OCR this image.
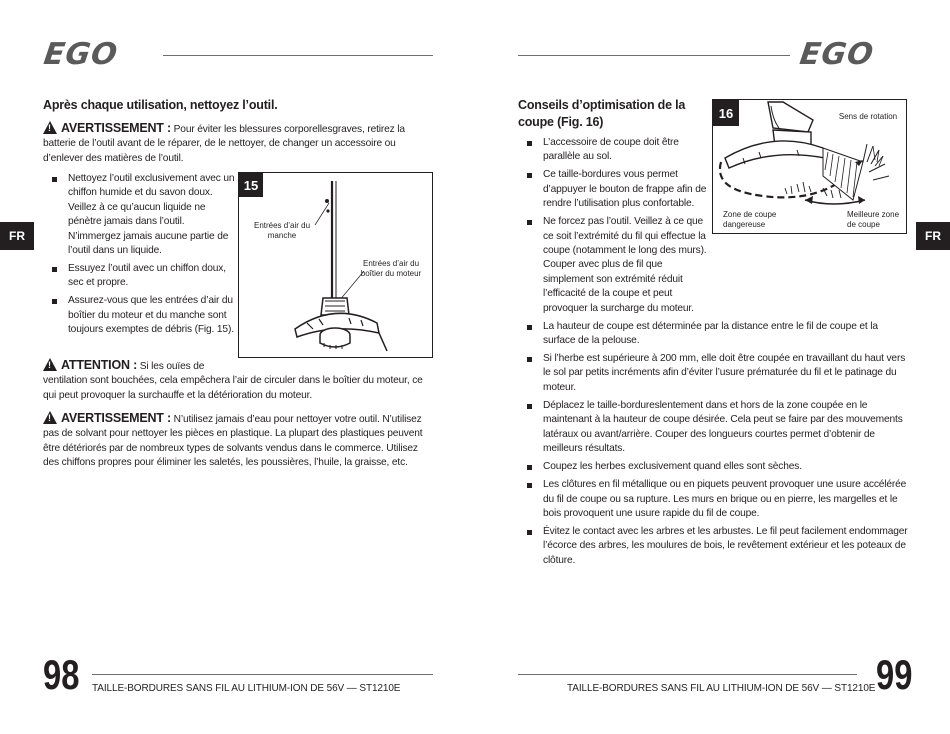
EGO
FR
Après chaque utilisation, nettoyez l’outil.
!AVERTISSEMENT : Pour éviter les blessures corporellesgraves, retirez la batterie de l’outil avant de le réparer, de le nettoyer, de changer un accessoire ou d’enlever des matières de l’outil.
Nettoyez l’outil exclusivement avec un chiffon humide et du savon doux. Veillez à ce qu’aucun liquide ne pénètre jamais dans l’outil. N’immergez jamais aucune partie de l’outil dans un liquide.
Essuyez l’outil avec un chiffon doux, sec et propre.
Assurez-vous que les entrées d’air du boîtier du moteur et du manche sont toujours exemptes de débris (Fig. 15).
15
Entrées d’air du manche
Entrées d’air du boîtier du moteur
!ATTENTION : Si les ouïes de
ventilation sont bouchées, cela empêchera l’air de circuler dans le boîtier du moteur, ce qui peut provoquer la surchauffe et la détérioration du moteur.
!AVERTISSEMENT : N’utilisez jamais d’eau pour nettoyer votre outil. N’utilisez pas de solvant pour nettoyer les pièces en plastique. La plupart des plastiques peuvent être détériorés par de nombreux types de solvants vendus dans le commerce. Utilisez des chiffons propres pour éliminer les saletés, les poussières, l’huile, la graisse, etc.
98 TAILLE-BORDURES SANS FIL AU LITHIUM-ION DE 56V — ST1210E
EGO
FR
Conseils d’optimisation de la coupe (Fig. 16)
L’accessoire de coupe doit être parallèle au sol.
Ce taille-bordures vous permet d’appuyer le bouton de frappe afin de rendre l’utilisation plus confortable.
Ne forcez pas l’outil. Veillez à ce que ce soit l’extrémité du fil qui effectue la coupe (notamment le long des murs). Couper avec plus de fil que simplement son extrémité réduit l’efficacité de la coupe et peut provoquer la surcharge du moteur.
La hauteur de coupe est déterminée par la distance entre le fil de coupe et la surface de la pelouse.
Si l’herbe est supérieure à 200 mm, elle doit être coupée en travaillant du haut vers le sol par petits incréments afin d’éviter l’usure prématurée du fil et le patinage du moteur.
Déplacez le taille-bordureslentement dans et hors de la zone coupée en le maintenant à la hauteur de coupe désirée. Cela peut se faire par des mouvements latéraux ou avant/arrière. Couper des longueurs courtes permet d’obtenir de meilleurs résultats.
Coupez les herbes exclusivement quand elles sont sèches.
Les clôtures en fil métallique ou en piquets peuvent provoquer une usure accélérée du fil de coupe ou sa rupture. Les murs en brique ou en pierre, les margelles et le bois provoquent une usure rapide du fil de coupe.
Évitez le contact avec les arbres et les arbustes. Le fil peut facilement endommager l’écorce des arbres, les moulures de bois, le revêtement extérieur et les poteaux de clôture.
16	Sens de rotation
Zone de coupe dangereuse
Meilleure zone de coupe
TAILLE-BORDURES SANS FIL AU LITHIUM-ION DE 56V — ST1210E 99
